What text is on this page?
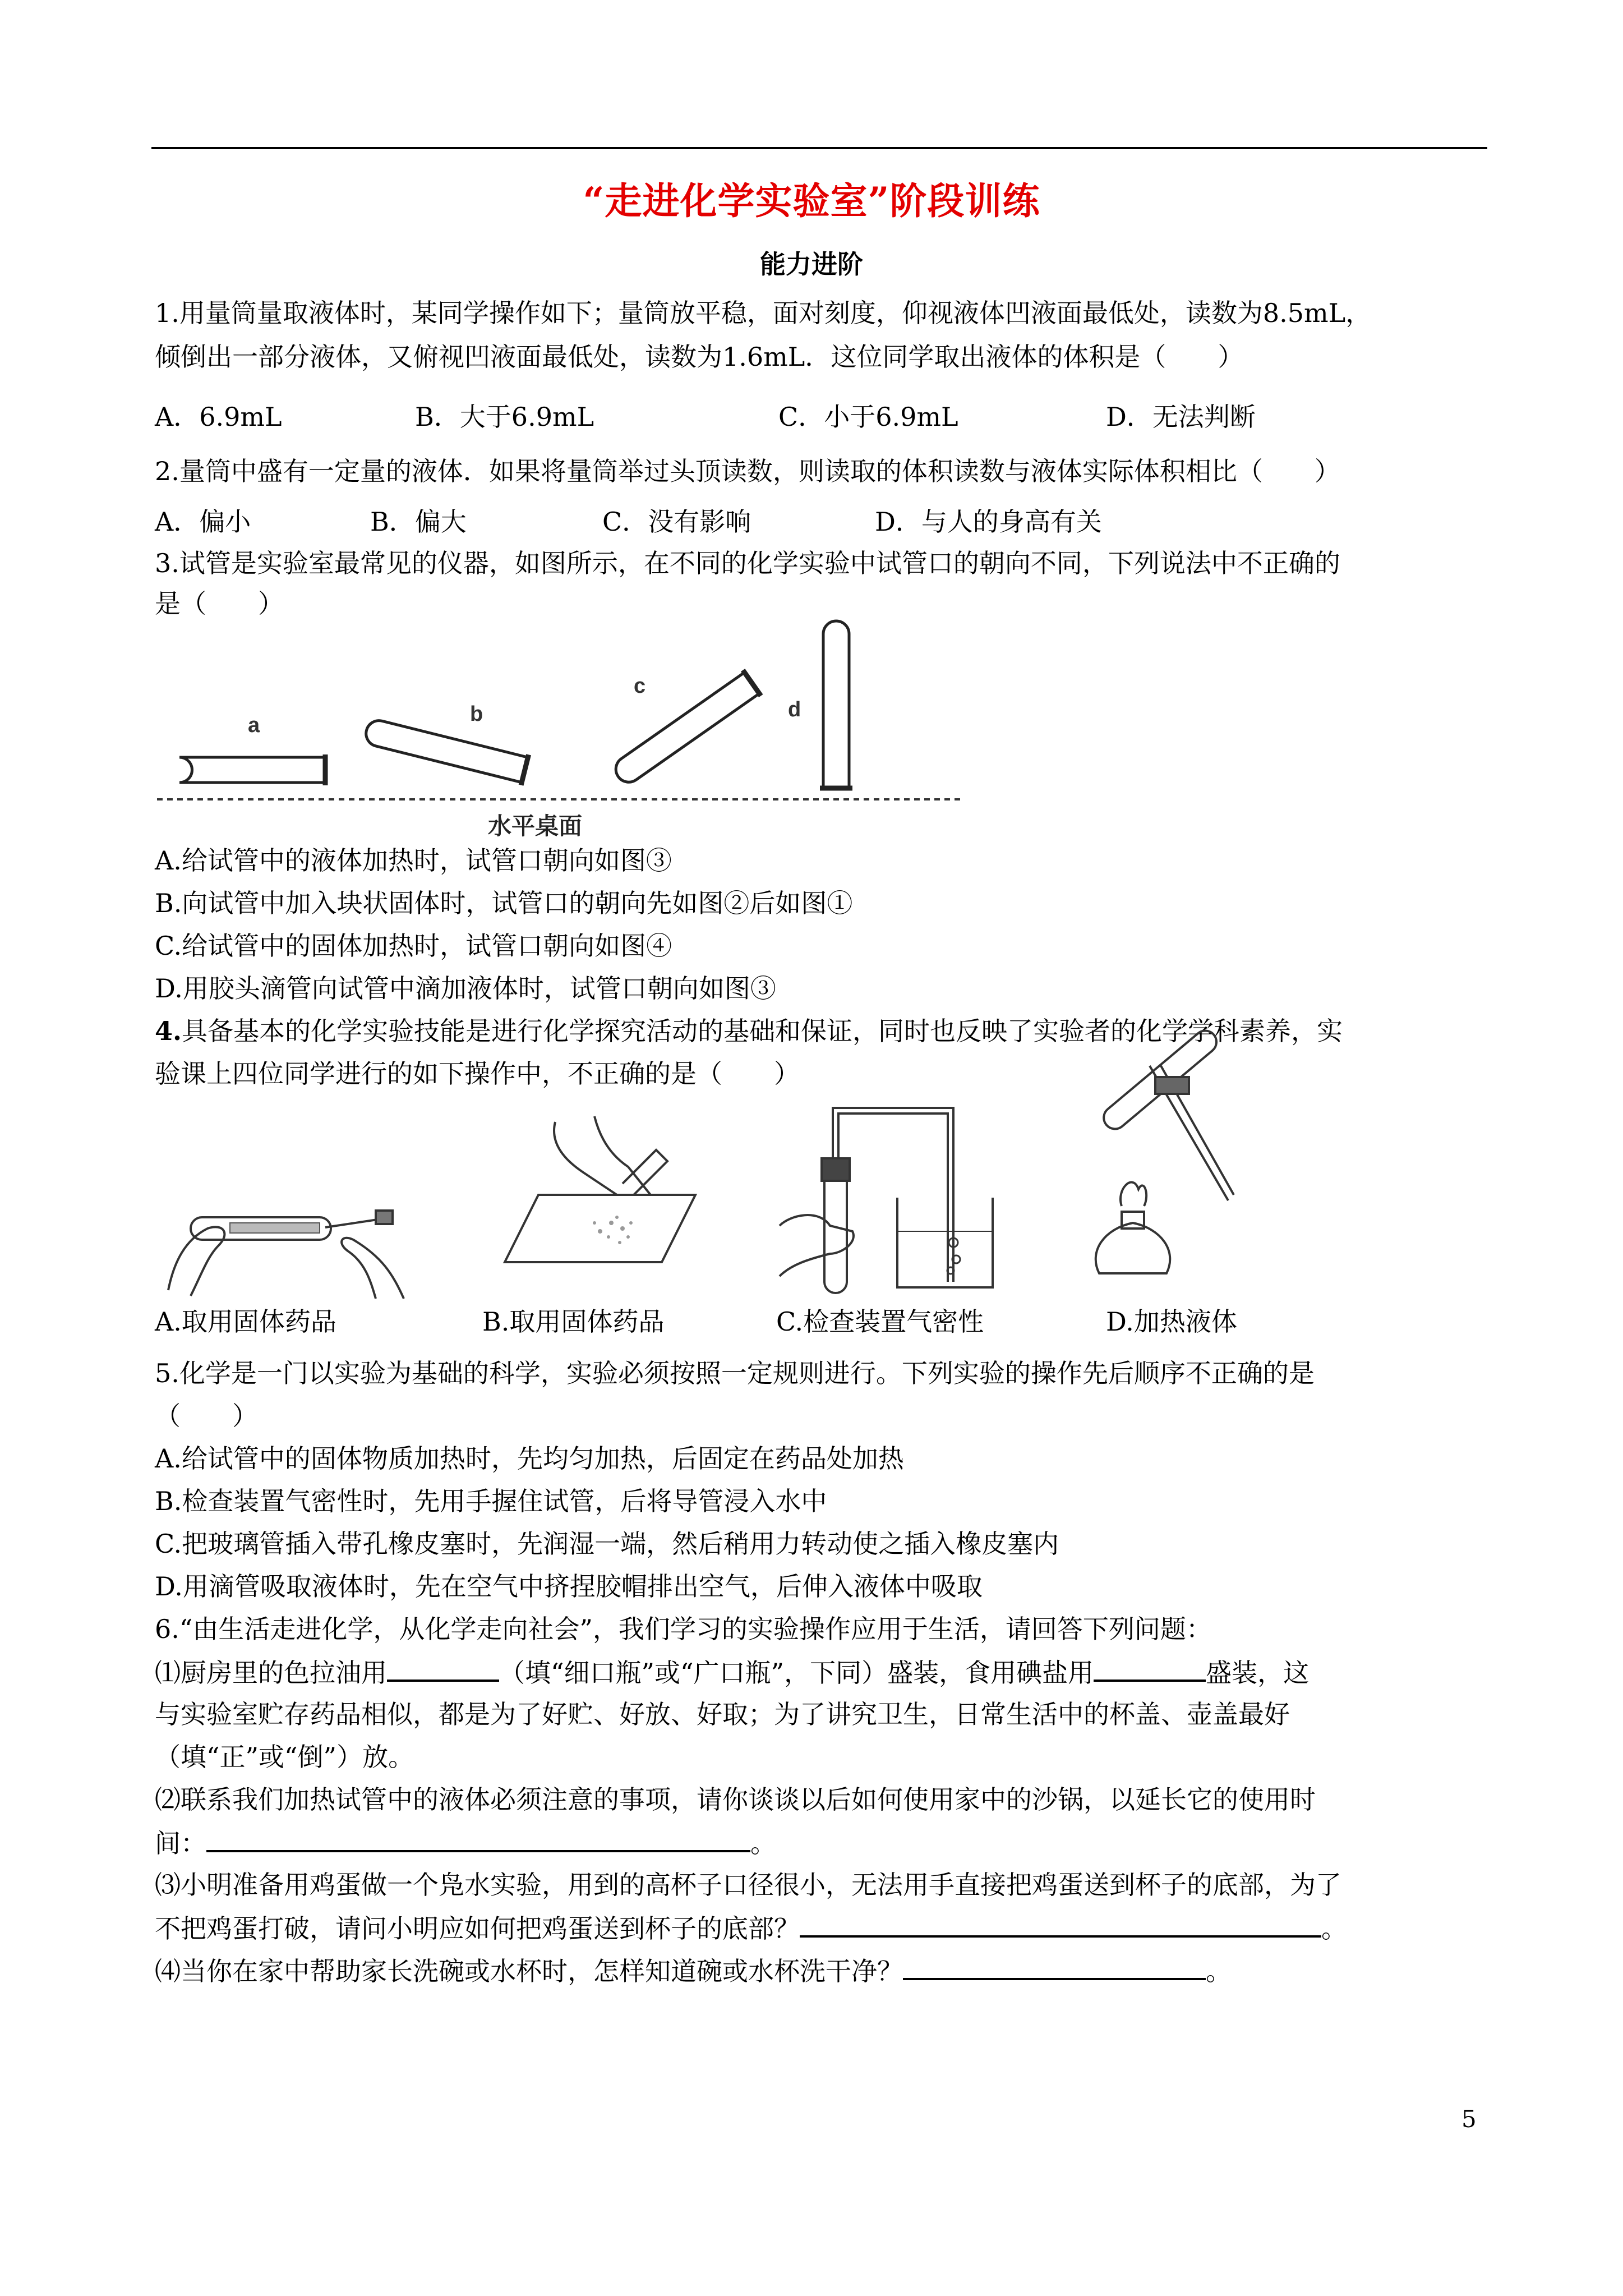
“走进化学实验室”阶段训练
能力进阶
1.用量筒量取液体时，某同学操作如下；量筒放平稳，面对刻度，仰视液体凹液面最低处，读数为8.5mL，
倾倒出一部分液体，又俯视凹液面最低处，读数为1.6mL．这位同学取出液体的体积是（　　）
A．6.9mL	B．大于6.9mL	C．小于6.9mL	D．无法判断
2.量筒中盛有一定量的液体．如果将量筒举过头顶读数，则读取的体积读数与液体实际体积相比（　　）
A．偏小	B．偏大	C．没有影响	D．与人的身高有关
3.试管是实验室最常见的仪器，如图所示，在不同的化学实验中试管口的朝向不同，下列说法中不正确的
是（　　）
a	b
c
d
水平桌面
A.给试管中的液体加热时，试管口朝向如图③
B.向试管中加入块状固体时，试管口的朝向先如图②后如图①
C.给试管中的固体加热时，试管口朝向如图④
D.用胶头滴管向试管中滴加液体时，试管口朝向如图③
4.具备基本的化学实验技能是进行化学探究活动的基础和保证，同时也反映了实验者的化学学科素养，实
验课上四位同学进行的如下操作中，不正确的是（　　）
A.取用固体药品	B.取用固体药品	C.检查装置气密性	D.加热液体
5.化学是一门以实验为基础的科学，实验必须按照一定规则进行。下列实验的操作先后顺序不正确的是
（　　）
A.给试管中的固体物质加热时，先均匀加热，后固定在药品处加热
B.检查装置气密性时，先用手握住试管，后将导管浸入水中
C.把玻璃管插入带孔橡皮塞时，先润湿一端，然后稍用力转动使之插入橡皮塞内
D.用滴管吸取液体时，先在空气中挤捏胶帽排出空气，后伸入液体中吸取
6.“由生活走进化学，从化学走向社会”，我们学习的实验操作应用于生活，请回答下列问题：
⑴厨房里的色拉油用	（填“细口瓶”或“广口瓶”，下同）盛装，食用碘盐用	盛装，这
与实验室贮存药品相似，都是为了好贮、好放、好取；为了讲究卫生，日常生活中的杯盖、壶盖最好
（填“正”或“倒”）放。
⑵联系我们加热试管中的液体必须注意的事项，请你谈谈以后如何使用家中的沙锅，以延长它的使用时
间：	。
⑶小明准备用鸡蛋做一个凫水实验，用到的高杯子口径很小，无法用手直接把鸡蛋送到杯子的底部，为了
不把鸡蛋打破，请问小明应如何把鸡蛋送到杯子的底部？	。
⑷当你在家中帮助家长洗碗或水杯时，怎样知道碗或水杯洗干净？	。
5
